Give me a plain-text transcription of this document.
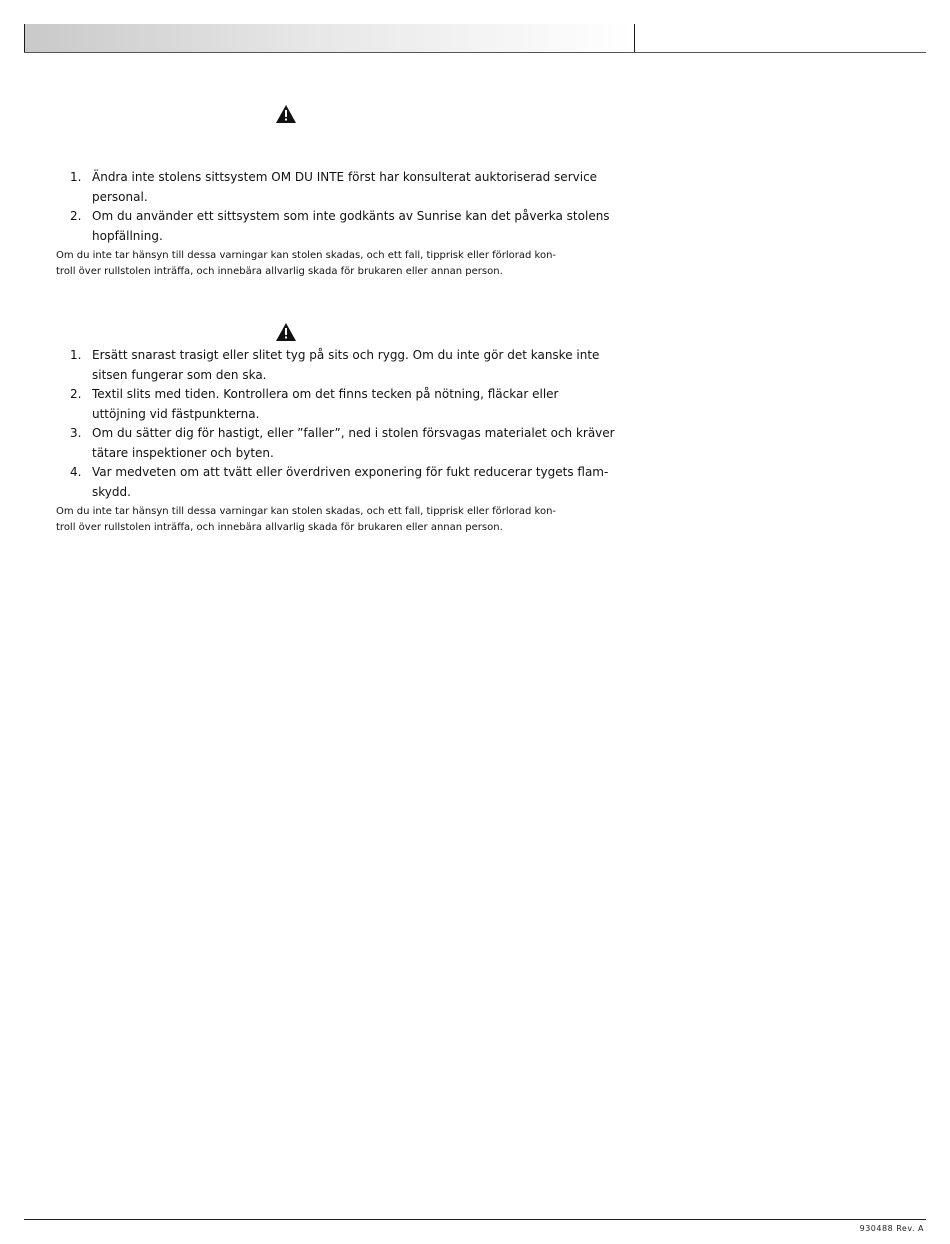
1. Ändra inte stolens sittsystem OM DU INTE först har konsulterat auktoriserad service personal.
2. Om du använder ett sittsystem som inte godkänts av Sunrise kan det påverka stolens hopfällning.

Om du inte tar hänsyn till dessa varningar kan stolen skadas, och ett fall, tipprisk eller förlorad kon-
troll över rullstolen inträffa, och innebära allvarlig skada för brukaren eller annan person.

1. Ersätt snarast trasigt eller slitet tyg på sits och rygg. Om du inte gör det kanske inte sitsen fungerar som den ska.
2. Textil slits med tiden. Kontrollera om det finns tecken på nötning, fläckar eller uttöjning vid fästpunkterna.
3. Om du sätter dig för hastigt, eller ”faller”, ned i stolen försvagas materialet och kräver tätare inspektioner och byten.
4. Var medveten om att tvätt eller överdriven exponering för fukt reducerar tygets flam-skydd.

Om du inte tar hänsyn till dessa varningar kan stolen skadas, och ett fall, tipprisk eller förlorad kon-
troll över rullstolen inträffa, och innebära allvarlig skada för brukaren eller annan person.

930488 Rev. A
